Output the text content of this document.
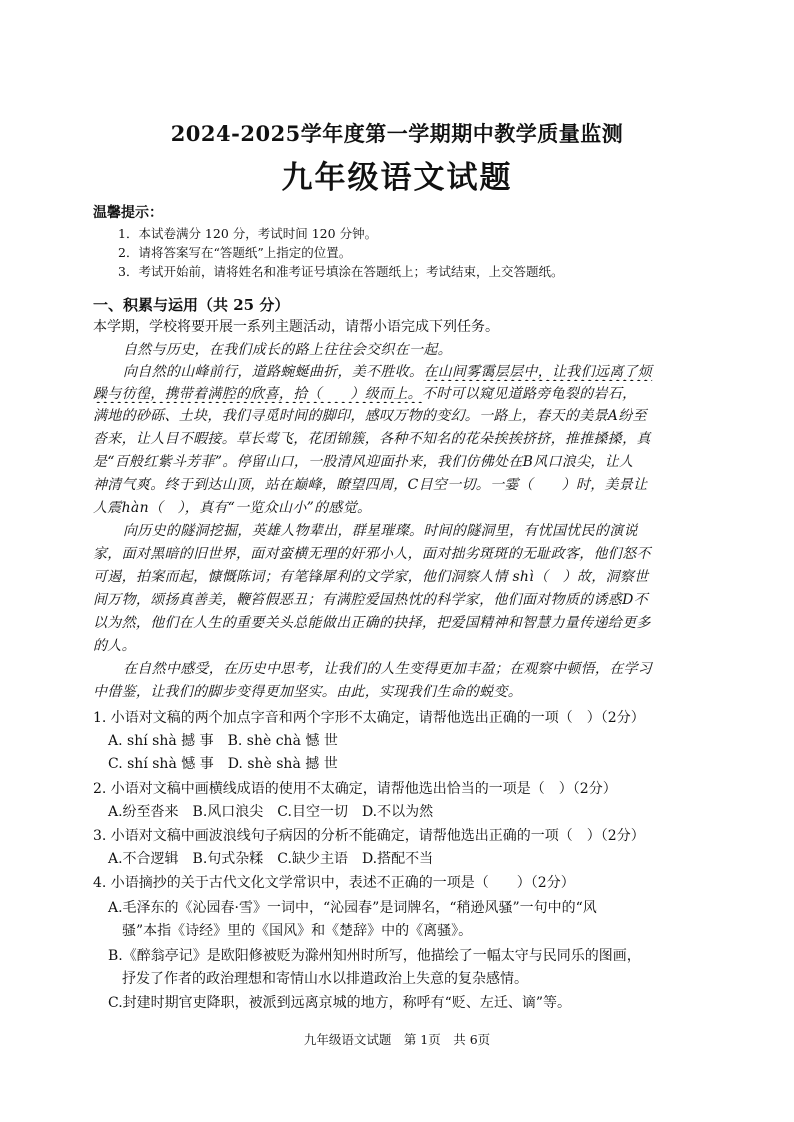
2024-2025学年度第一学期期中教学质量监测
九年级语文试题
温馨提示：
1．本试卷满分 120 分，考试时间 120 分钟。
2．请将答案写在“答题纸”上指定的位置。
3．考试开始前，请将姓名和准考证号填涂在答题纸上；考试结束，上交答题纸。
一、积累与运用（共 25 分）
本学期，学校将要开展一系列主题活动，请帮小语完成下列任务。
自然与历史，在我们成长的路上往往会交织在一起。
向自然的山峰前行，道路蜿蜒曲折，美不胜收。在山间雾霭层层中，让我们远离了烦
躁与彷徨，携带着满腔的欣喜，拾（　　）级而上。不时可以窥见道路旁龟裂的岩石，
满地的砂砾、土块，我们寻觅时间的脚印，感叹万物的变幻。一路上，春天的美景A纷至
沓来，让人目不暇接。草长莺飞，花团锦簇，各种不知名的花朵挨挨挤挤，推推搡搡，真
是“百般红紫斗芳菲”。停留山口，一股清风迎面扑来，我们仿佛处在B风口浪尖，让人
神清气爽。终于到达山顶，站在巅峰，瞭望四周，C目空一切。一霎（　　）时，美景让
人震hàn（　），真有“一览众山小”的感觉。
向历史的隧洞挖掘，英雄人物辈出，群星璀璨。时间的隧洞里，有忧国忧民的演说
家，面对黑暗的旧世界，面对蛮横无理的奸邪小人，面对拙劣斑斑的无耻政客，他们怒不
可遏，拍案而起，慷慨陈词；有笔锋犀利的文学家，他们洞察人情 shì（　）故，洞察世
间万物，颂扬真善美，鞭笞假恶丑；有满腔爱国热忱的科学家，他们面对物质的诱惑D不
以为然，他们在人生的重要关头总能做出正确的抉择，把爱国精神和智慧力量传递给更多
的人。
在自然中感受，在历史中思考，让我们的人生变得更加丰盈；在观察中顿悟，在学习
中借鉴，让我们的脚步变得更加坚实。由此，实现我们生命的蜕变。
1. 小语对文稿的两个加点字音和两个字形不太确定，请帮他选出正确的一项（　）（2分）
A. shí shà 撼 事　B. shè chà 憾 世
C. shí shà 憾 事　D. shè shà 撼 世
2. 小语对文稿中画横线成语的使用不太确定，请帮他选出恰当的一项是（　）（2分）
A.纷至沓来　B.风口浪尖　C.目空一切　D.不以为然
3. 小语对文稿中画波浪线句子病因的分析不能确定，请帮他选出正确的一项（　）（2分）
A.不合逻辑　B.句式杂糅　C.缺少主语　D.搭配不当
4. 小语摘抄的关于古代文化文学常识中，表述不正确的一项是（　　）（2分）
A.毛泽东的《沁园春·雪》一词中，“沁园春”是词牌名，“稍逊风骚”一句中的“风
骚”本指《诗经》里的《国风》和《楚辞》中的《离骚》。
B.《醉翁亭记》是欧阳修被贬为滁州知州时所写，他描绘了一幅太守与民同乐的图画，
抒发了作者的政治理想和寄情山水以排遣政治上失意的复杂感情。
C.封建时期官吏降职，被派到远离京城的地方，称呼有“贬、左迁、谪”等。
九年级语文试题　第 1页　共 6页
